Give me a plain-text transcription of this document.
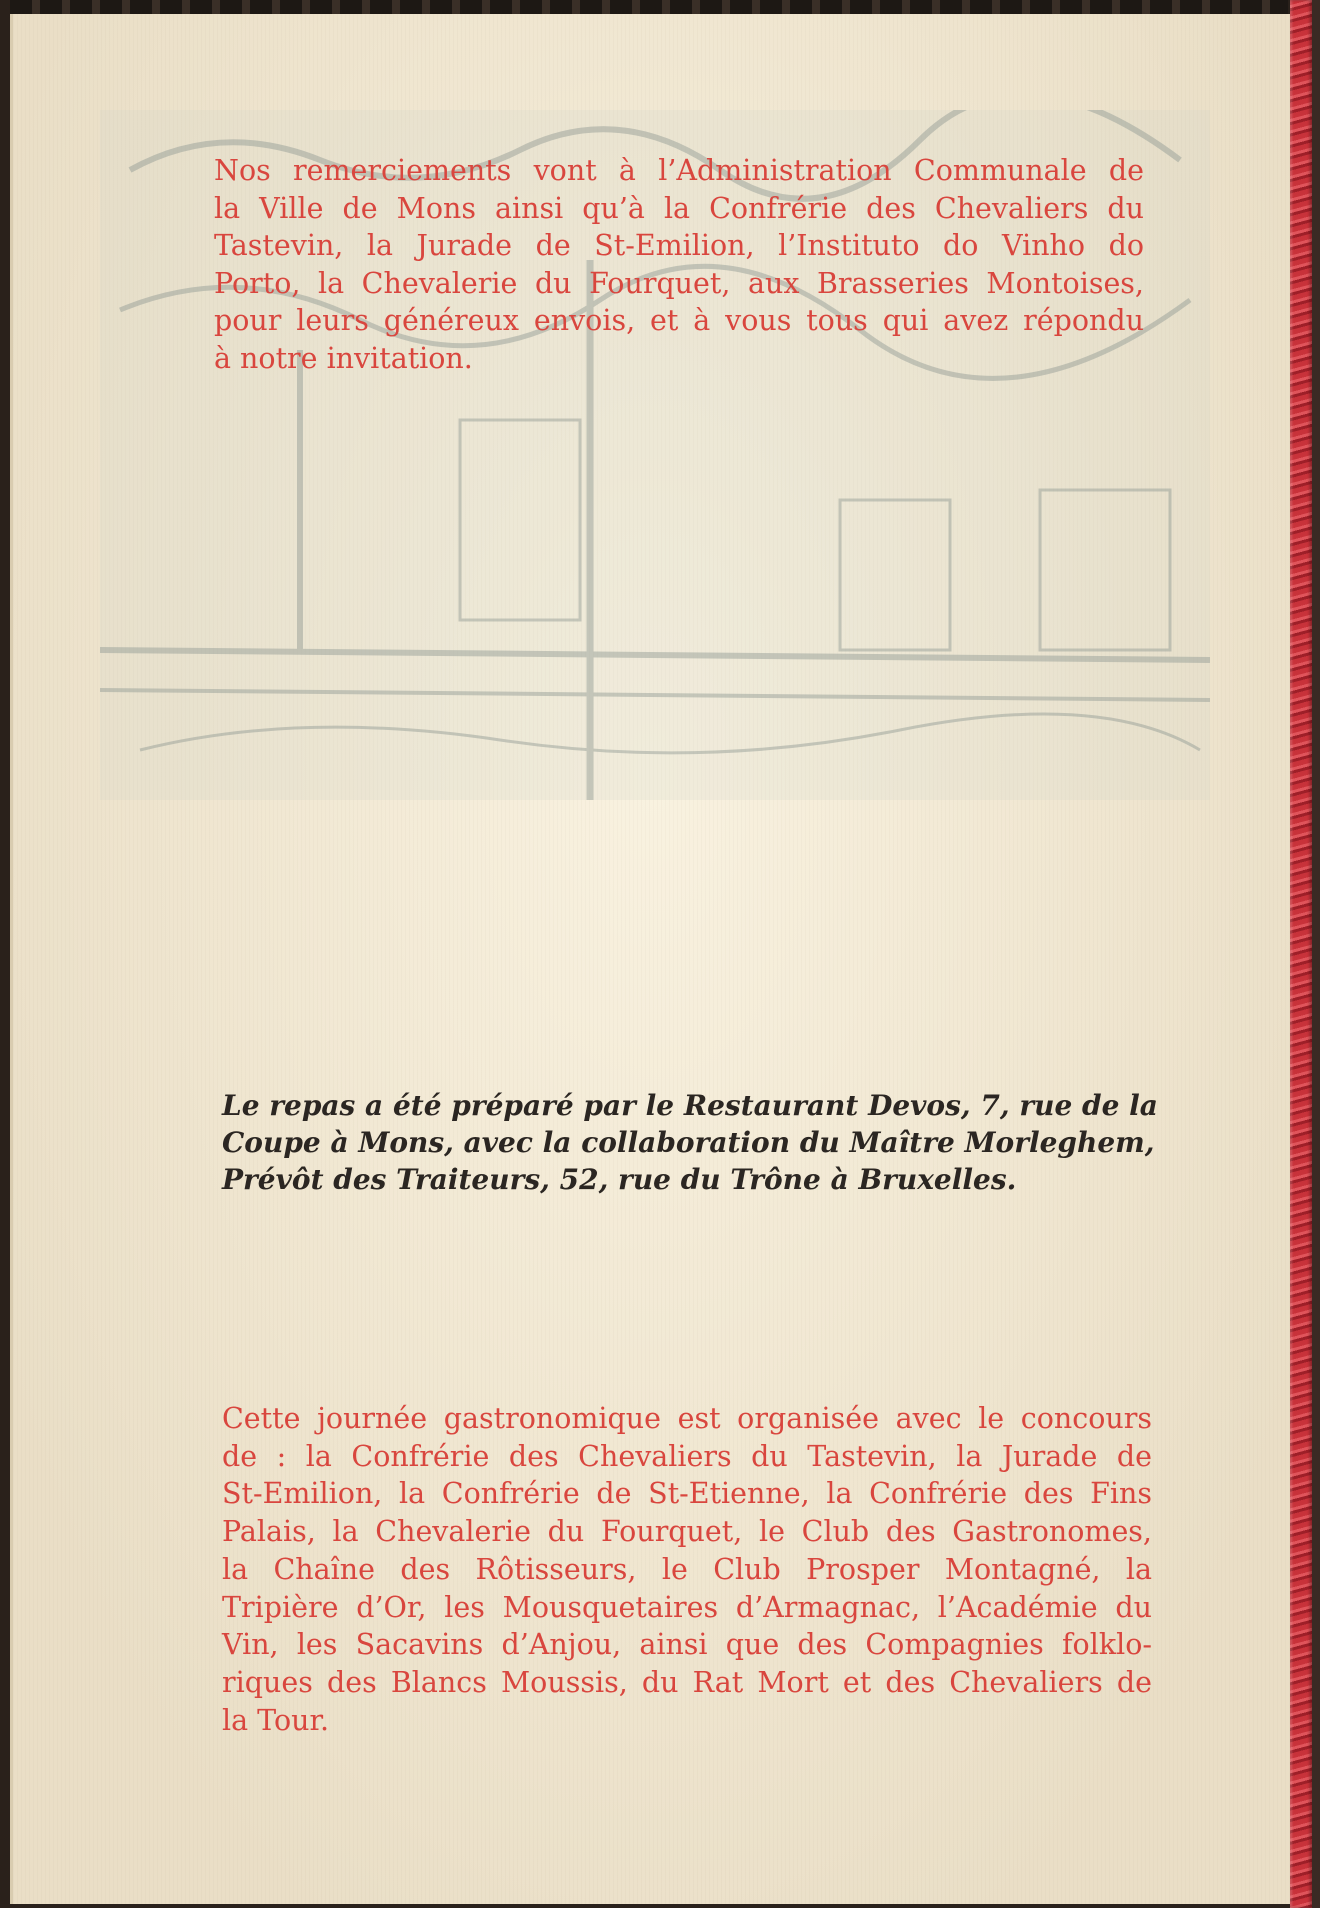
Nos remerciements vont à l’Administration Communale de
la Ville de Mons ainsi qu’à la Confrérie des Chevaliers du
Tastevin, la Jurade de St-Emilion, l’Instituto do Vinho do
Porto, la Chevalerie du Fourquet, aux Brasseries Montoises,
pour leurs généreux envois, et à vous tous qui avez répondu
à notre invitation.
Le repas a été préparé par le Restaurant Devos, 7, rue de la
Coupe à Mons, avec la collaboration du Maître Morleghem,
Prévôt des Traiteurs, 52, rue du Trône à Bruxelles.
Cette journée gastronomique est organisée avec le concours
de : la Confrérie des Chevaliers du Tastevin, la Jurade de
St-Emilion, la Confrérie de St-Etienne, la Confrérie des Fins
Palais, la Chevalerie du Fourquet, le Club des Gastronomes,
la Chaîne des Rôtisseurs, le Club Prosper Montagné, la
Tripière d’Or, les Mousquetaires d’Armagnac, l’Académie du
Vin, les Sacavins d’Anjou, ainsi que des Compagnies folklo-
riques des Blancs Moussis, du Rat Mort et des Chevaliers de
la Tour.
